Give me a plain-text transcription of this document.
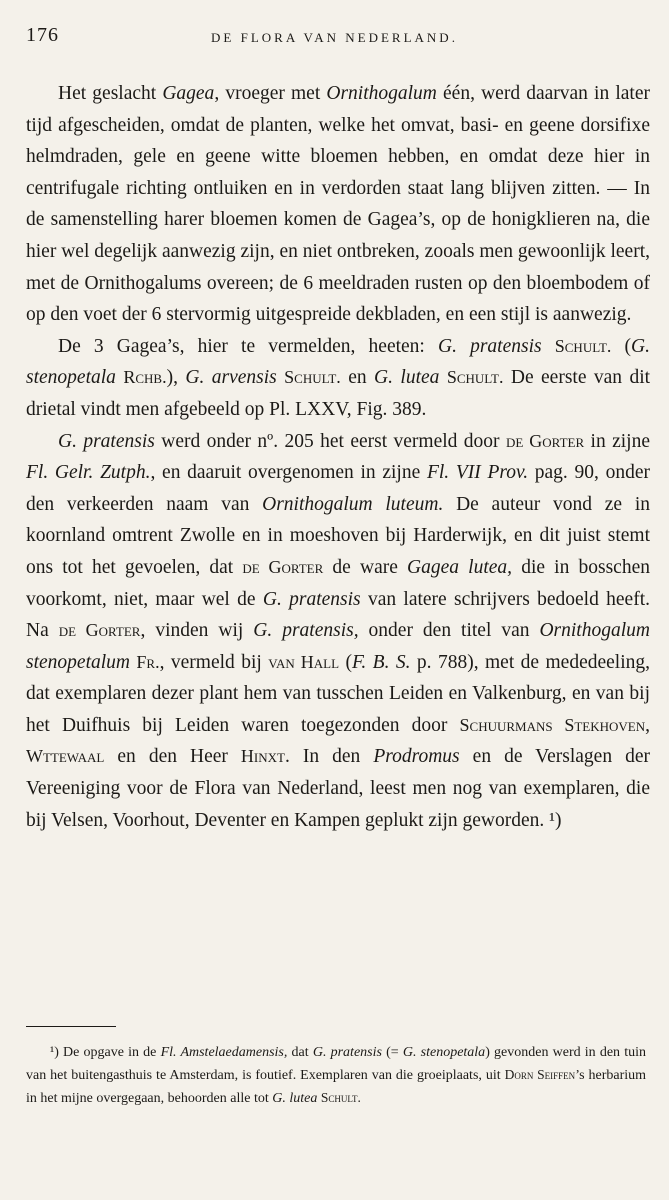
176	DE FLORA VAN NEDERLAND.

Het geslacht Gagea, vroeger met Ornithogalum één, werd daarvan in later tijd afgescheiden, omdat de planten, welke het omvat, basi- en geene dorsifixe helmdraden, gele en geene witte bloemen hebben, en omdat deze hier in centrifugale richting ontluiken en in verdorden staat lang blijven zitten. — In de samenstelling harer bloemen komen de Gagea’s, op de honigklieren na, die hier wel degelijk aanwezig zijn, en niet ontbreken, zooals men gewoonlijk leert, met de Ornithogalums overeen; de 6 meeldraden rusten op den bloembodem of op den voet der 6 stervormig uitgespreide dekbladen, en een stijl is aanwezig.

De 3 Gagea’s, hier te vermelden, heeten: G. pratensis Schult. (G. stenopetala Rchb.), G. arvensis Schult. en G. lutea Schult. De eerste van dit drietal vindt men afgebeeld op Pl. LXXV, Fig. 389.

G. pratensis werd onder nº. 205 het eerst vermeld door de Gorter in zijne Fl. Gelr. Zutph., en daaruit overgenomen in zijne Fl. VII Prov. pag. 90, onder den verkeerden naam van Ornithogalum luteum. De auteur vond ze in koornland omtrent Zwolle en in moeshoven bij Harderwijk, en dit juist stemt ons tot het gevoelen, dat de Gorter de ware Gagea lutea, die in bosschen voorkomt, niet, maar wel de G. pratensis van latere schrijvers bedoeld heeft. Na de Gorter, vinden wij G. pratensis, onder den titel van Ornithogalum stenopetalum Fr., vermeld bij van Hall (F. B. S. p. 788), met de mededeeling, dat exemplaren dezer plant hem van tusschen Leiden en Valkenburg, en van bij het Duifhuis bij Leiden waren toegezonden door Schuurmans Stekhoven, Wttewaal en den Heer Hinxt. In den Prodromus en de Verslagen der Vereeniging voor de Flora van Nederland, leest men nog van exemplaren, die bij Velsen, Voorhout, Deventer en Kampen geplukt zijn geworden. ¹)

¹) De opgave in de Fl. Amstelaedamensis, dat G. pratensis (= G. stenopetala) gevonden werd in den tuin van het buitengasthuis te Amsterdam, is foutief. Exemplaren van die groeiplaats, uit Dorn Seiffen’s herbarium in het mijne overgegaan, behoorden alle tot G. lutea Schult.
